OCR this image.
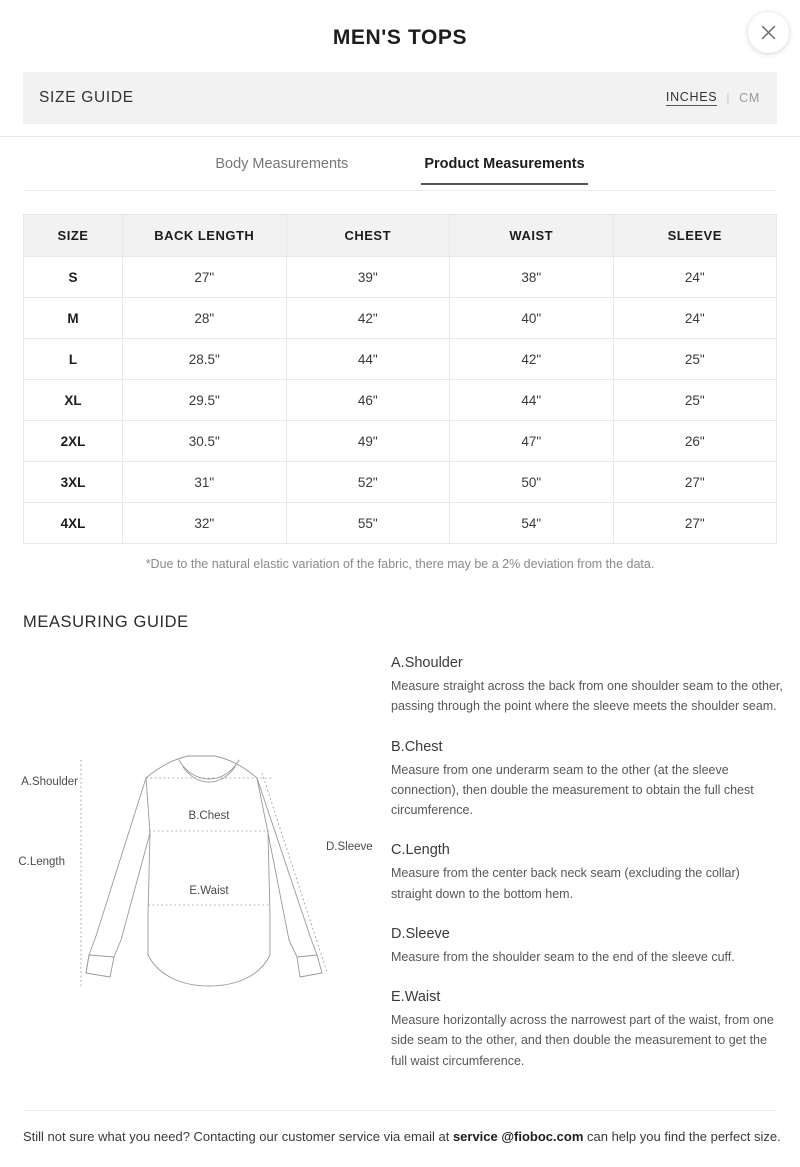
MEN'S TOPS
SIZE GUIDE	INCHES | CM
Body Measurements	Product Measurements
SIZE	BACK LENGTH	CHEST	WAIST	SLEEVE
S	27"	39"	38"	24"
M	28"	42"	40"	24"
L	28.5"	44"	42"	25"
XL	29.5"	46"	44"	25"
2XL	30.5"	49"	47"	26"
3XL	31"	52"	50"	27"
4XL	32"	55"	54"	27"
*Due to the natural elastic variation of the fabric, there may be a 2% deviation from the data.
MEASURING GUIDE
A.Shoulder
B.Chest
C.Length
D.Sleeve
E.Waist
A.Shoulder

Measure straight across the back from one shoulder seam to the other, passing through the point where the sleeve meets the shoulder seam.

B.Chest

Measure from one underarm seam to the other (at the sleeve connection), then double the measurement to obtain the full chest circumference.

C.Length

Measure from the center back neck seam (excluding the collar) straight down to the bottom hem.

D.Sleeve

Measure from the shoulder seam to the end of the sleeve cuff.

E.Waist

Measure horizontally across the narrowest part of the waist, from one side seam to the other, and then double the measurement to get the full waist circumference.

Still not sure what you need? Contacting our customer service via email at service @fioboc.com can help you find the perfect size.
